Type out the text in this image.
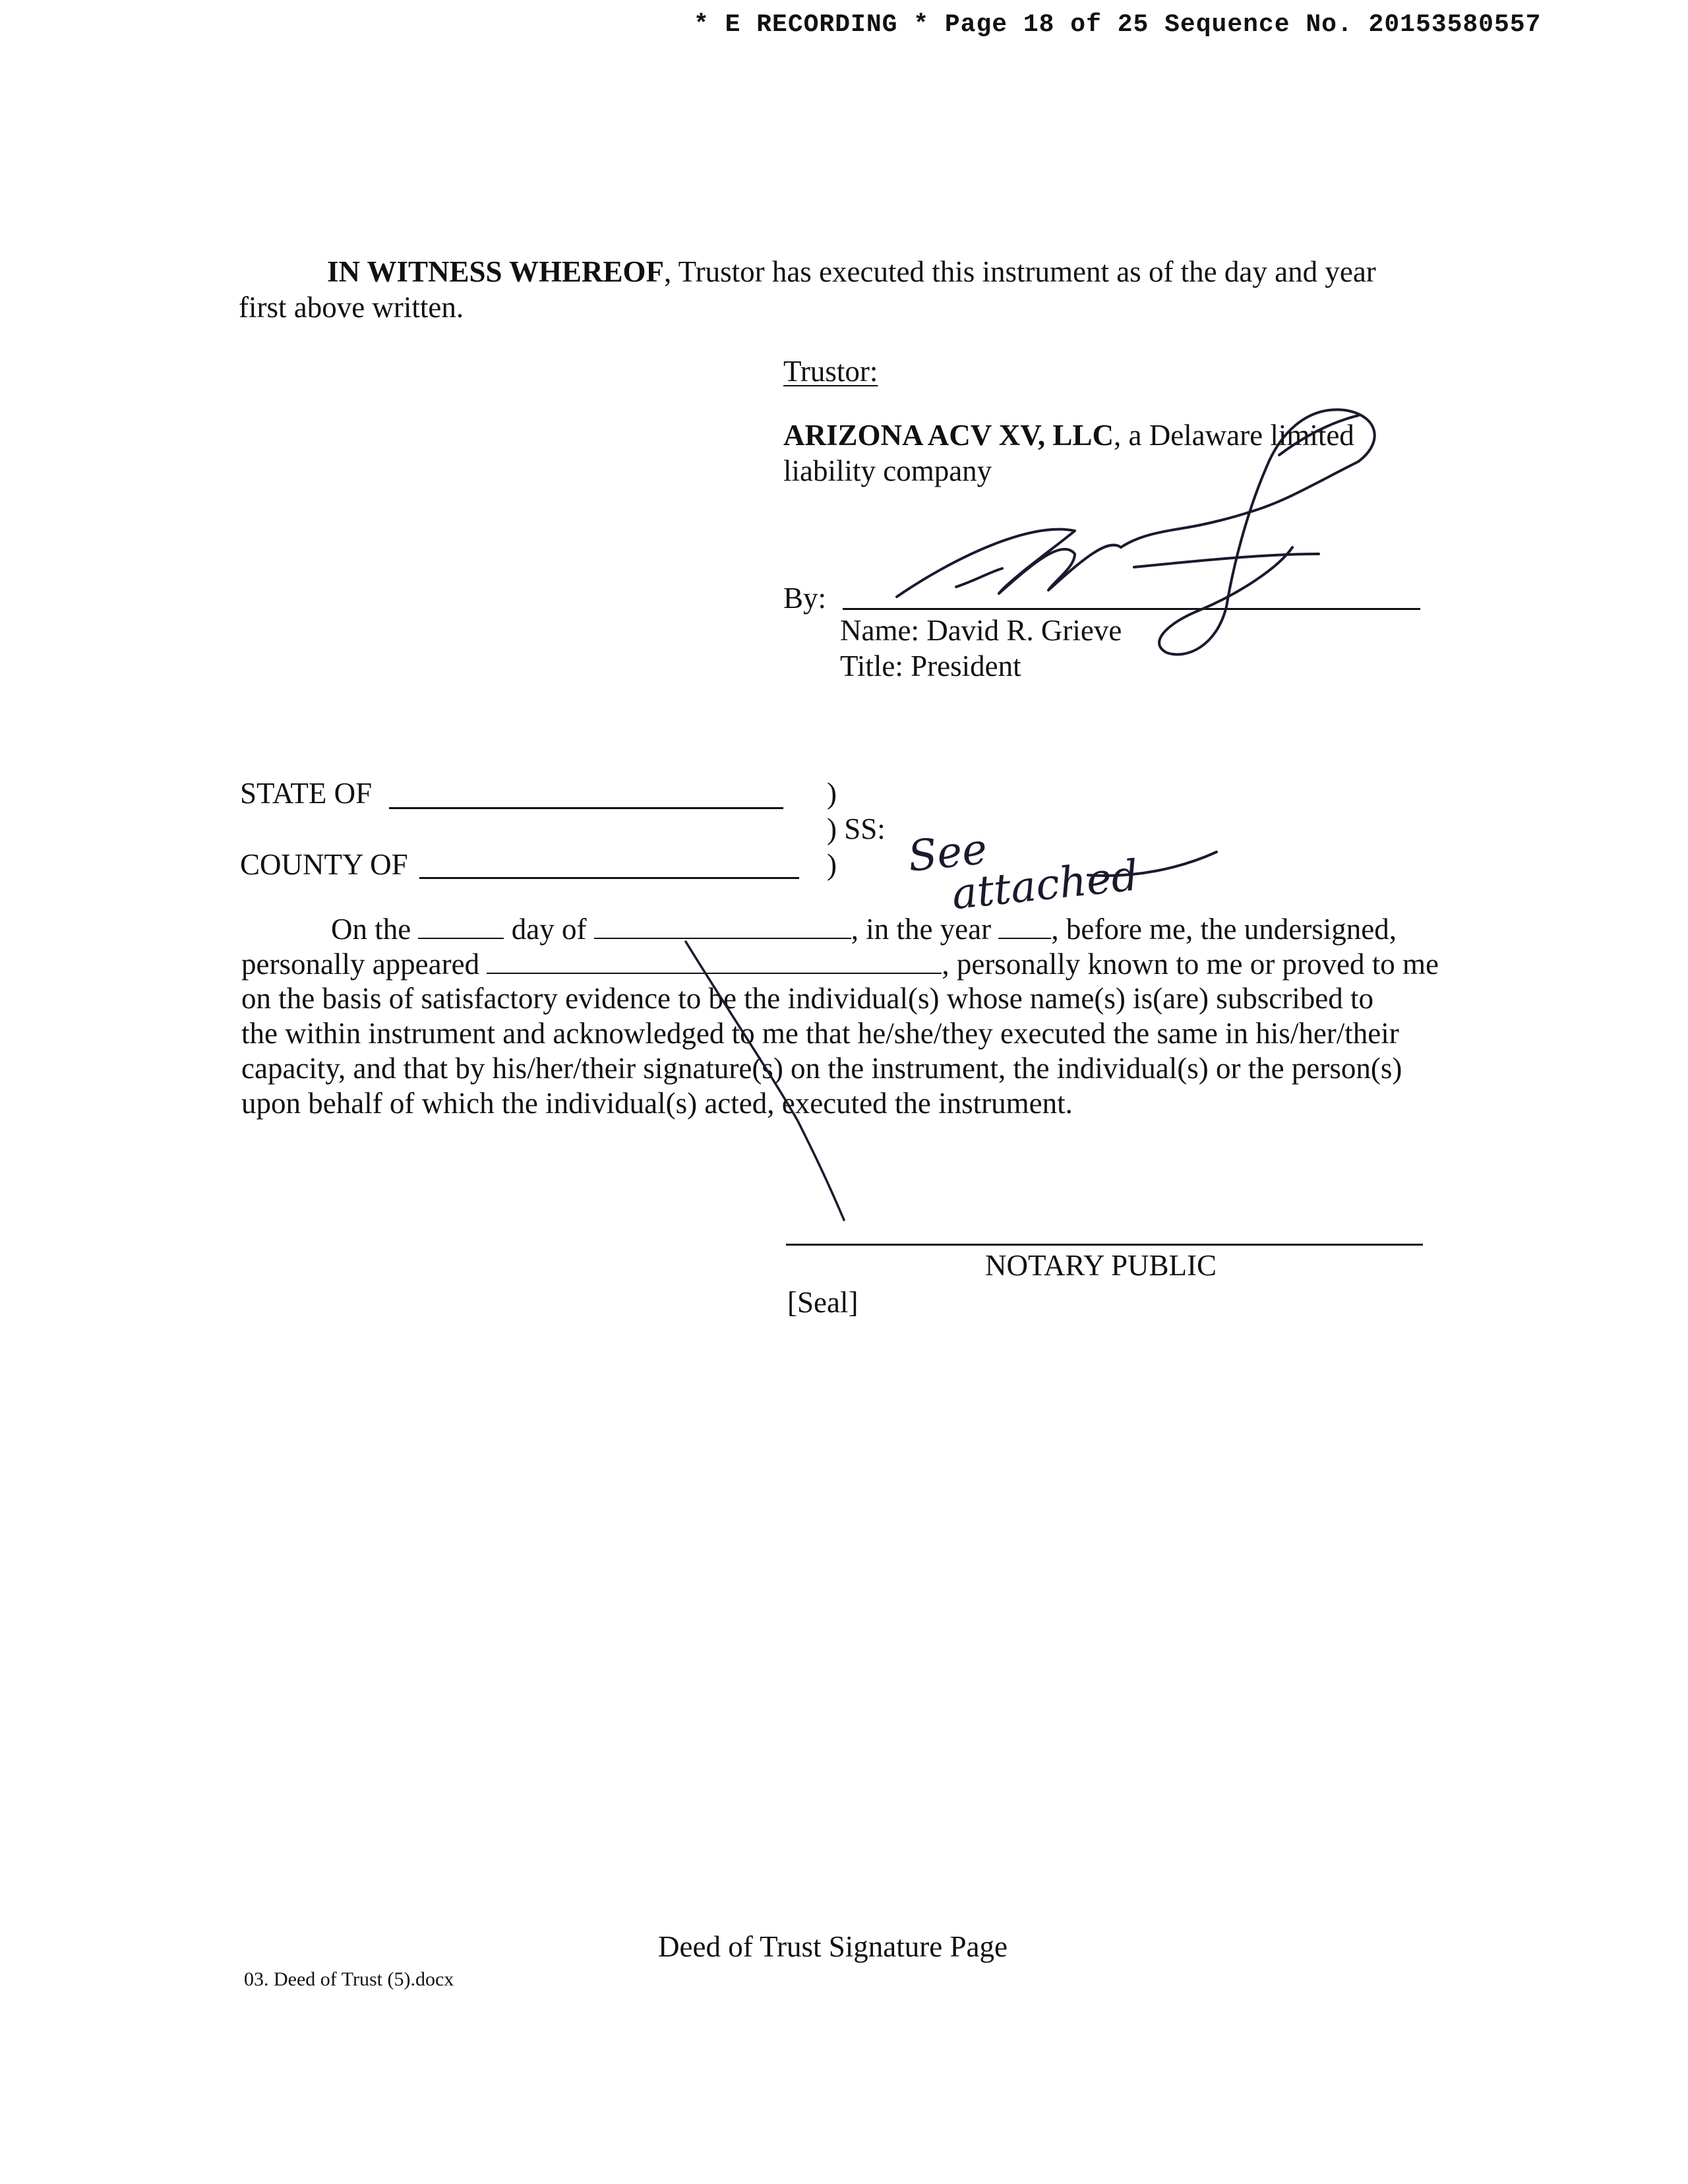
* E RECORDING * Page 18 of 25 Sequence No. 20153580557
IN WITNESS WHEREOF, Trustor has executed this instrument as of the day and year
first above written.
Trustor:
ARIZONA ACV XV, LLC, a Delaware limited
liability company
By:
Name: David R. Grieve
Title: President
STATE OF	)
) SS:
COUNTY OF	) See
attached
On the	day of	, in the year , before me, the undersigned,
personally appeared	, personally known to me or proved to me
on the basis of satisfactory evidence to be the individual(s) whose name(s) is(are) subscribed to
the within instrument and acknowledged to me that he/she/they executed the same in his/her/their
capacity, and that by his/her/their signature(s) on the instrument, the individual(s) or the person(s)
upon behalf of which the individual(s) acted, executed the instrument.
NOTARY PUBLIC
[Seal]
Deed of Trust Signature Page
03. Deed of Trust (5).docx
